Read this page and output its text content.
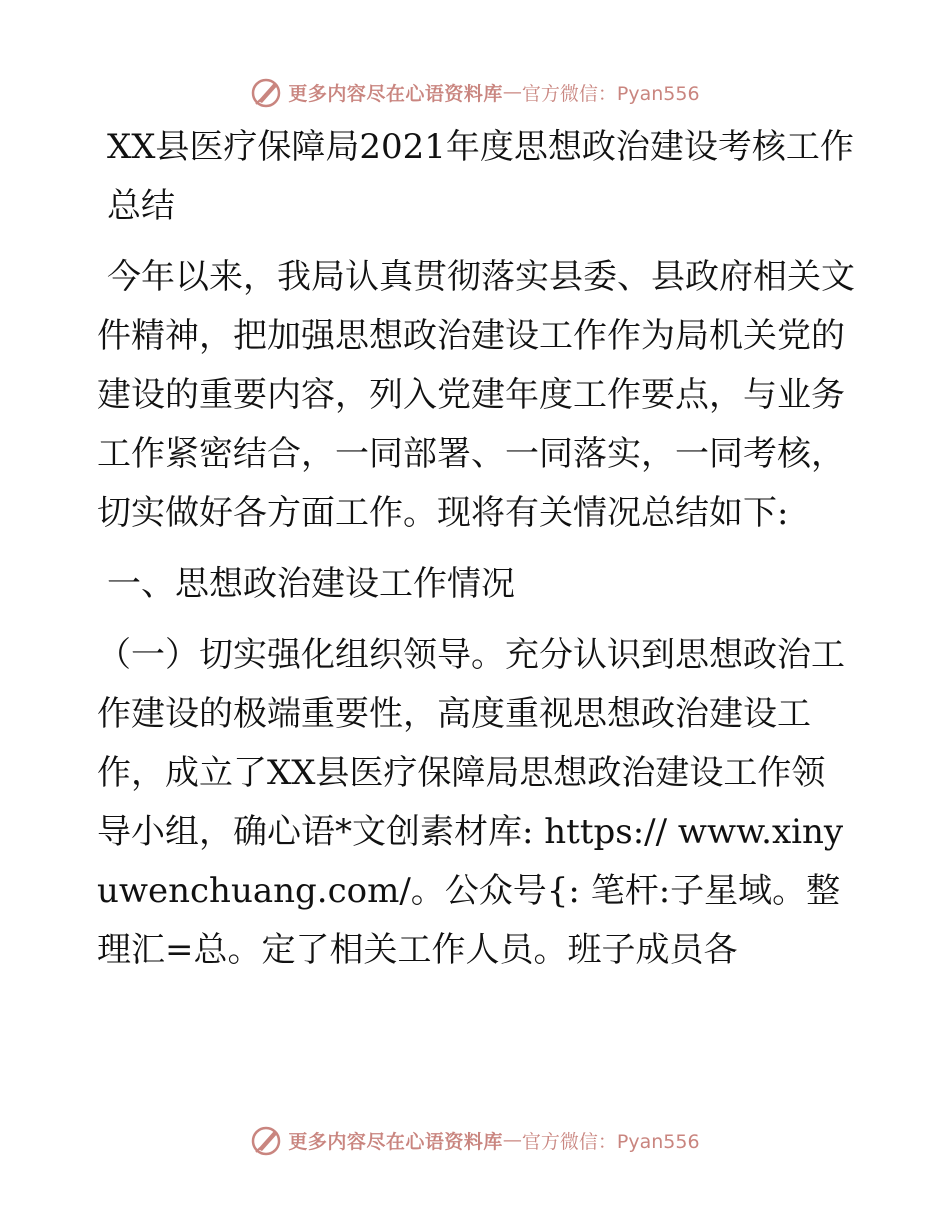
更多内容尽在心语资料库 — 官方微信：Pyan556

XX县医疗保障局2021年度思想政治建设考核工作总结

今年以来，我局认真贯彻落实县委、县政府相关文件精神，把加强思想政治建设工作作为局机关党的建设的重要内容，列入党建年度工作要点，与业务工作紧密结合，一同部署、一同落实，一同考核，切实做好各方面工作。现将有关情况总结如下:

一、思想政治建设工作情况

（一）切实强化组织领导。充分认识到思想政治工作建设的极端重要性，高度重视思想政治建设工作，成立了XX县医疗保障局思想政治建设工作领导小组，确心语*文创素材库: https:// www.xinyuwenchuang.com/。公众号{: 笔杆:子星域。整理汇=总。定了相关工作人员。班子成员各

更多内容尽在心语资料库 — 官方微信：Pyan556
